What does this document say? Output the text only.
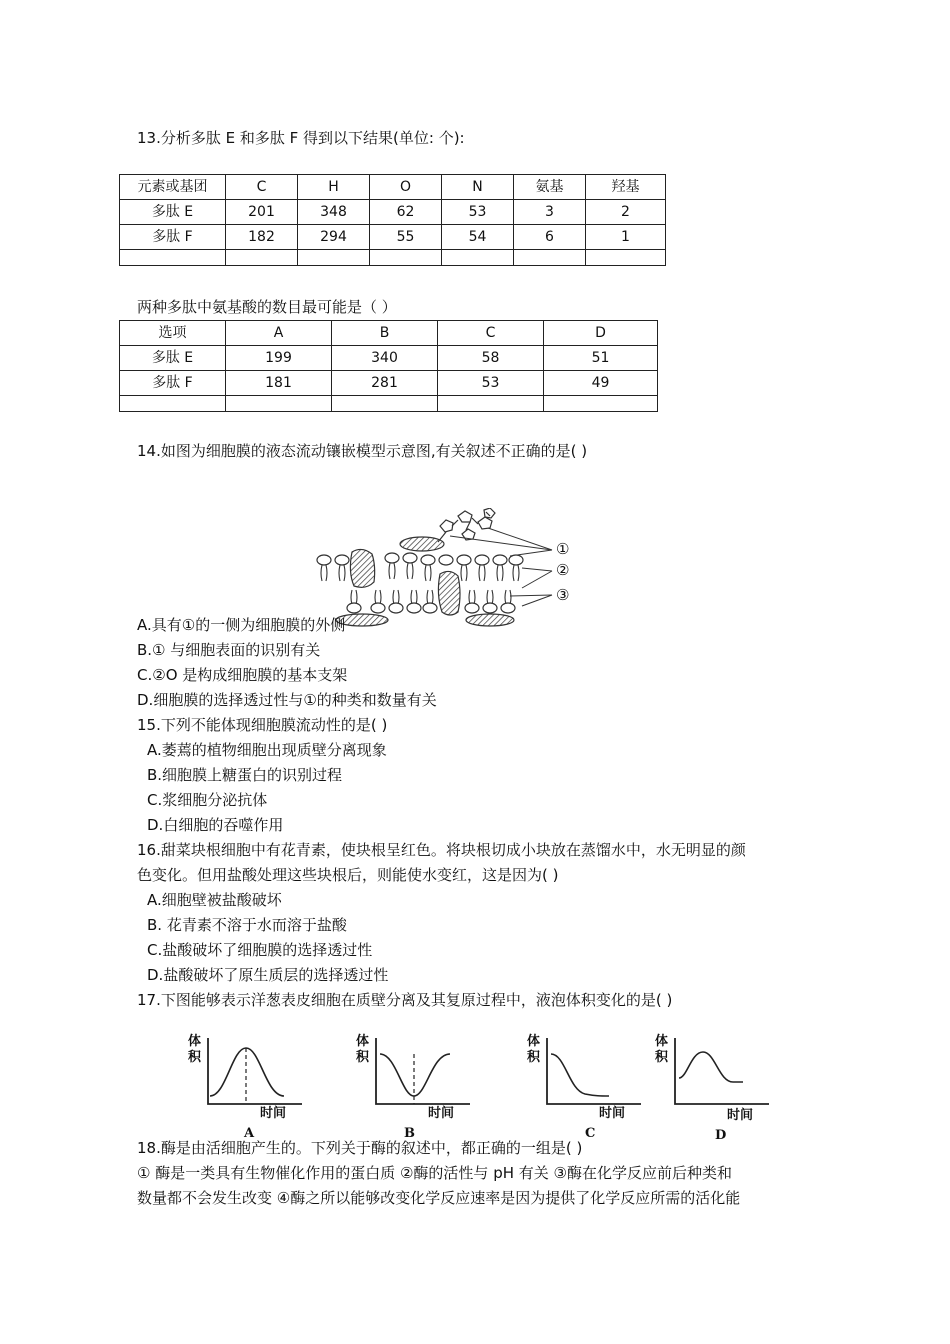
13.分析多肽 E 和多肽 F 得到以下结果(单位: 个):
元素或基团	C	H	O	N	氨基	羟基
多肽 E	201	348	62	53	3	2
多肽 F	182	294	55	54	6	1

两种多肽中氨基酸的数目最可能是（ ）
选项	A	B	C	D
多肽 E	199	340	58	51
多肽 F	181	281	53	49

14.如图为细胞膜的液态流动镶嵌模型示意图,有关叙述不正确的是( )
①
②
③
A.具有①的一侧为细胞膜的外侧
B.① 与细胞表面的识别有关
C.②O 是构成细胞膜的基本支架
D.细胞膜的选择透过性与①的种类和数量有关
15.下列不能体现细胞膜流动性的是( )
A.萎蔫的植物细胞出现质壁分离现象
B.细胞膜上糖蛋白的识别过程
C.浆细胞分泌抗体
D.白细胞的吞噬作用
16.甜菜块根细胞中有花青素，使块根呈红色。将块根切成小块放在蒸馏水中，水无明显的颜
色变化。但用盐酸处理这些块根后，则能使水变红，这是因为( )
A.细胞壁被盐酸破坏
B. 花青素不溶于水而溶于盐酸
C.盐酸破坏了细胞膜的选择透过性
D.盐酸破坏了原生质层的选择透过性
17.下图能够表示洋葱表皮细胞在质壁分离及其复原过程中，液泡体积变化的是( )
体
积
时间
A
体
积
时间
B
体
积
时间
C
体
积
时间
D
18.酶是由活细胞产生的。下列关于酶的叙述中，都正确的一组是( )
① 酶是一类具有生物催化作用的蛋白质 ②酶的活性与 pH 有关 ③酶在化学反应前后种类和
数量都不会发生改变 ④酶之所以能够改变化学反应速率是因为提供了化学反应所需的活化能
